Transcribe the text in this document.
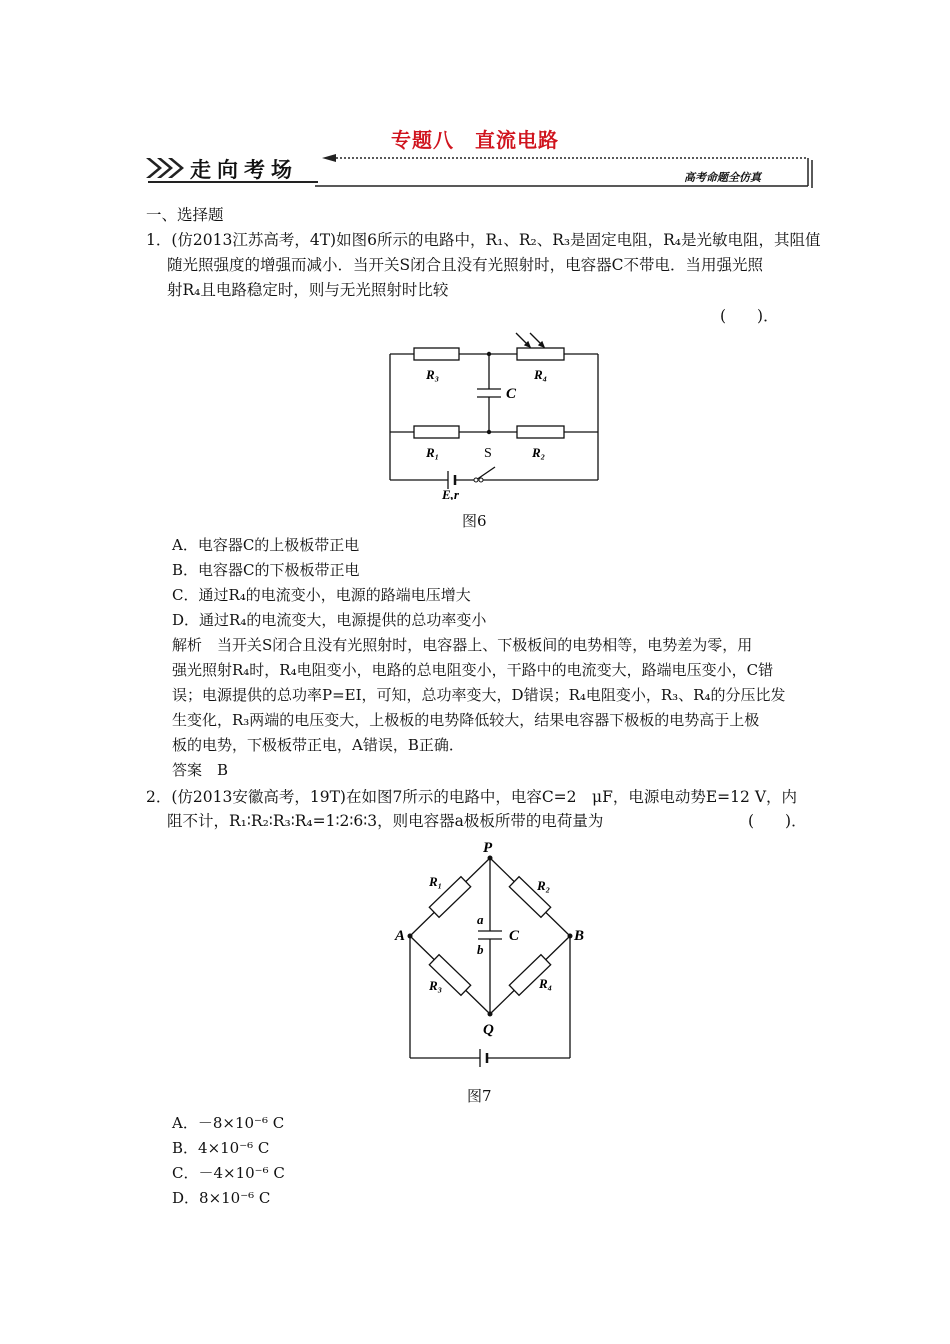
专题八　直流电路
走向考场	高考命题全仿真
一、选择题
1．(仿2013江苏高考，4T)如图6所示的电路中，R₁、R₂、R₃是固定电阻，R₄是光敏电阻，其阻值
随光照强度的增强而减小．当开关S闭合且没有光照射时，电容器C不带电．当用强光照
射R₄且电路稳定时，则与无光照射时比较
(　　)．
R₃	R₄
C
R₁	R₂
S
E,r
图6
A．电容器C的上极板带正电
B．电容器C的下极板带正电
C．通过R₄的电流变小，电源的路端电压增大
D．通过R₄的电流变大，电源提供的总功率变小
解析　当开关S闭合且没有光照射时，电容器上、下极板间的电势相等，电势差为零，用
强光照射R₄时，R₄电阻变小，电路的总电阻变小，干路中的电流变大，路端电压变小，C错
误；电源提供的总功率P=EI，可知，总功率变大，D错误；R₄电阻变小，R₃、R₄的分压比发
生变化，R₃两端的电压变大，上极板的电势降低较大，结果电容器下极板的电势高于上极
板的电势，下极板带正电，A错误，B正确．
答案　B
2．(仿2013安徽高考，19T)在如图7所示的电路中，电容C=2　μF，电源电动势E=12 V，内
阻不计，R₁∶R₂∶R₃∶R₄=1∶2∶6∶3，则电容器a极板所带的电荷量为	(　　)．
P
Q
A	B
R₁	R₂
R₃	R₄
a
b
C
图7
A．－8×10⁻⁶ C
B．4×10⁻⁶ C
C．－4×10⁻⁶ C
D．8×10⁻⁶ C
